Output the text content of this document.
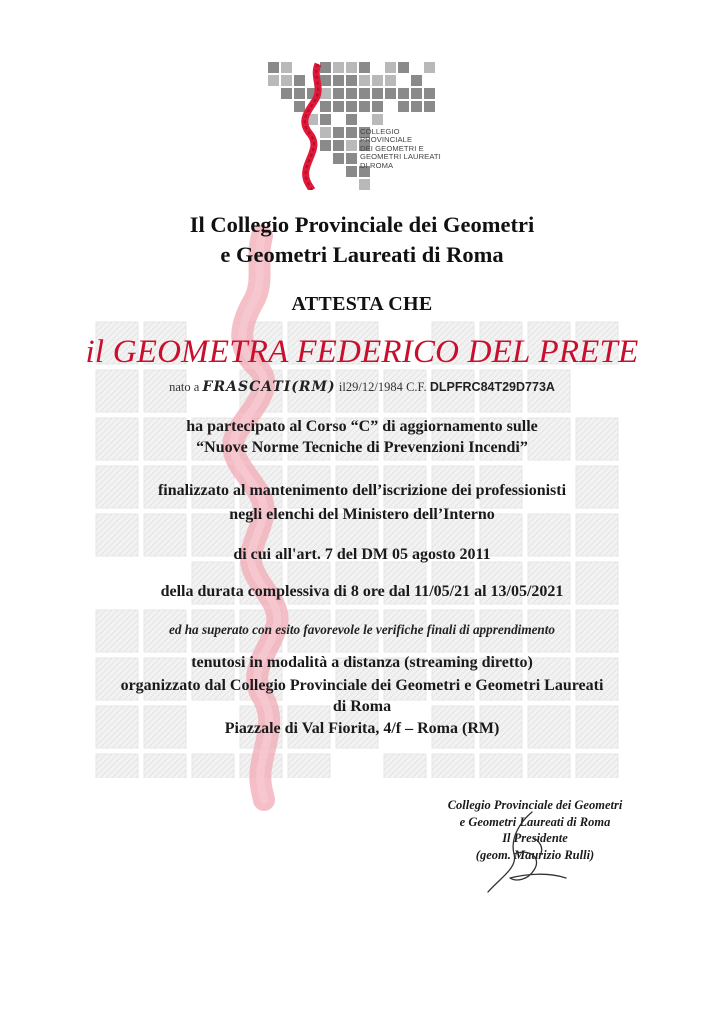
COLLEGIO
PROVINCIALE
DEI GEOMETRI E
GEOMETRI LAUREATI
DI ROMA
Il Collegio Provinciale dei Geometri
e Geometri Laureati di Roma
ATTESTA CHE
il GEOMETRA FEDERICO DEL PRETE
nato a FRASCATI(RM) il29/12/1984 C.F. DLPFRC84T29D773A
ha partecipato al Corso “C” di aggiornamento sulle
“Nuove Norme Tecniche di Prevenzioni Incendi”
finalizzato al mantenimento dell’iscrizione dei professionisti
negli elenchi del Ministero dell’Interno
di cui all'art. 7 del DM 05 agosto 2011
della durata complessiva di 8 ore dal 11/05/21 al 13/05/2021
ed ha superato con esito favorevole le verifiche finali di apprendimento
tenutosi in modalità a distanza (streaming diretto)
organizzato dal Collegio Provinciale dei Geometri e Geometri Laureati
di Roma
Piazzale di Val Fiorita, 4/f – Roma (RM)
Collegio Provinciale dei Geometri
e Geometri Laureati di Roma
Il Presidente
(geom. Maurizio Rulli)
